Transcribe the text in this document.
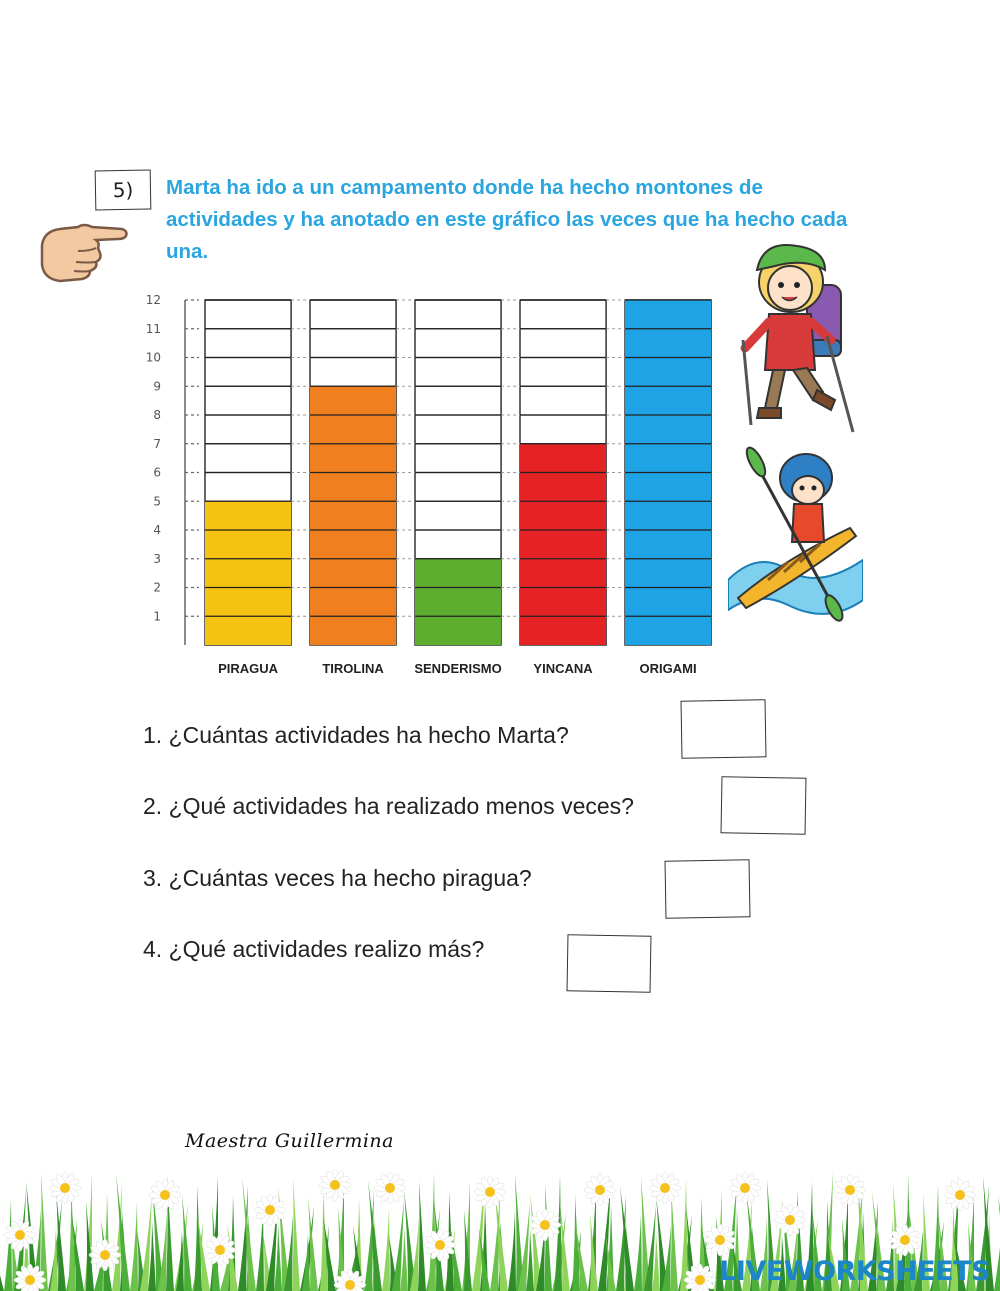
5)	Marta ha ido a un campamento donde ha hecho montones de actividades y ha anotado en este gráfico las veces que ha hecho cada una.
1
2
3
4
5
6
7
8
9
10
11
12
PIRAGUA	TIROLINA SENDERISMO YINCANA	ORIGAMI
1. ¿Cuántas actividades ha hecho Marta?
2. ¿Qué actividades ha realizado menos veces?
3. ¿Cuántas veces ha hecho piragua?
4. ¿Qué actividades realizo más?
Maestra Guillermina
LIVEWORKSHEETS
